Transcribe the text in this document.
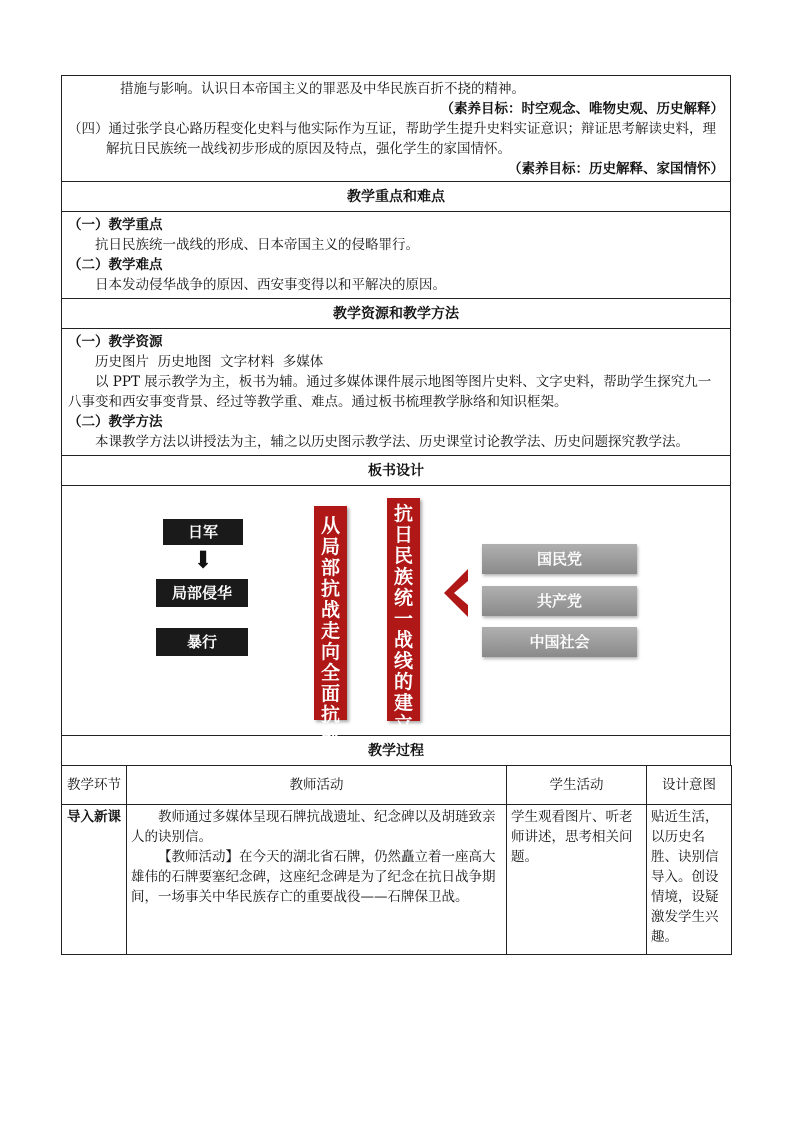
措施与影响。认识日本帝国主义的罪恶及中华民族百折不挠的精神。

（素养目标：时空观念、唯物史观、历史解释）

（四）通过张学良心路历程变化史料与他实际作为互证，帮助学生提升史料实证意识；辩证思考解读史料，理解抗日民族统一战线初步形成的原因及特点，强化学生的家国情怀。

（素养目标：历史解释、家国情怀）

教学重点和难点

（一）教学重点

抗日民族统一战线的形成、日本帝国主义的侵略罪行。

（二）教学难点

日本发动侵华战争的原因、西安事变得以和平解决的原因。

教学资源和教学方法

（一）教学资源

历史图片  历史地图  文字材料  多媒体

以 PPT 展示教学为主，板书为辅。通过多媒体课件展示地图等图片史料、文字史料，帮助学生探究九一八事变和西安事变背景、经过等教学重、难点。通过板书梳理教学脉络和知识框架。

（二）教学方法

本课教学方法以讲授法为主，辅之以历史图示教学法、历史课堂讨论教学法、历史问题探究教学法。

板书设计
日军
⬇
局部侵华
暴行
从局部抗战走向全面抗战
抗日民族统一战线的建立
国民党
共产党
中国社会
教学过程
教学环节	教师活动	学生活动	设计意图
导入新课	教师通过多媒体呈现石牌抗战遗址、纪念碑以及胡琏致亲人的诀别信。

【教师活动】在今天的湖北省石牌，仍然矗立着一座高大雄伟的石牌要塞纪念碑，这座纪念碑是为了纪念在抗日战争期间，一场事关中华民族存亡的重要战役——石牌保卫战。	学生观看图片、听老师讲述，思考相关问题。	贴近生活，以历史名胜、诀别信导入。创设情境，设疑激发学生兴趣。
